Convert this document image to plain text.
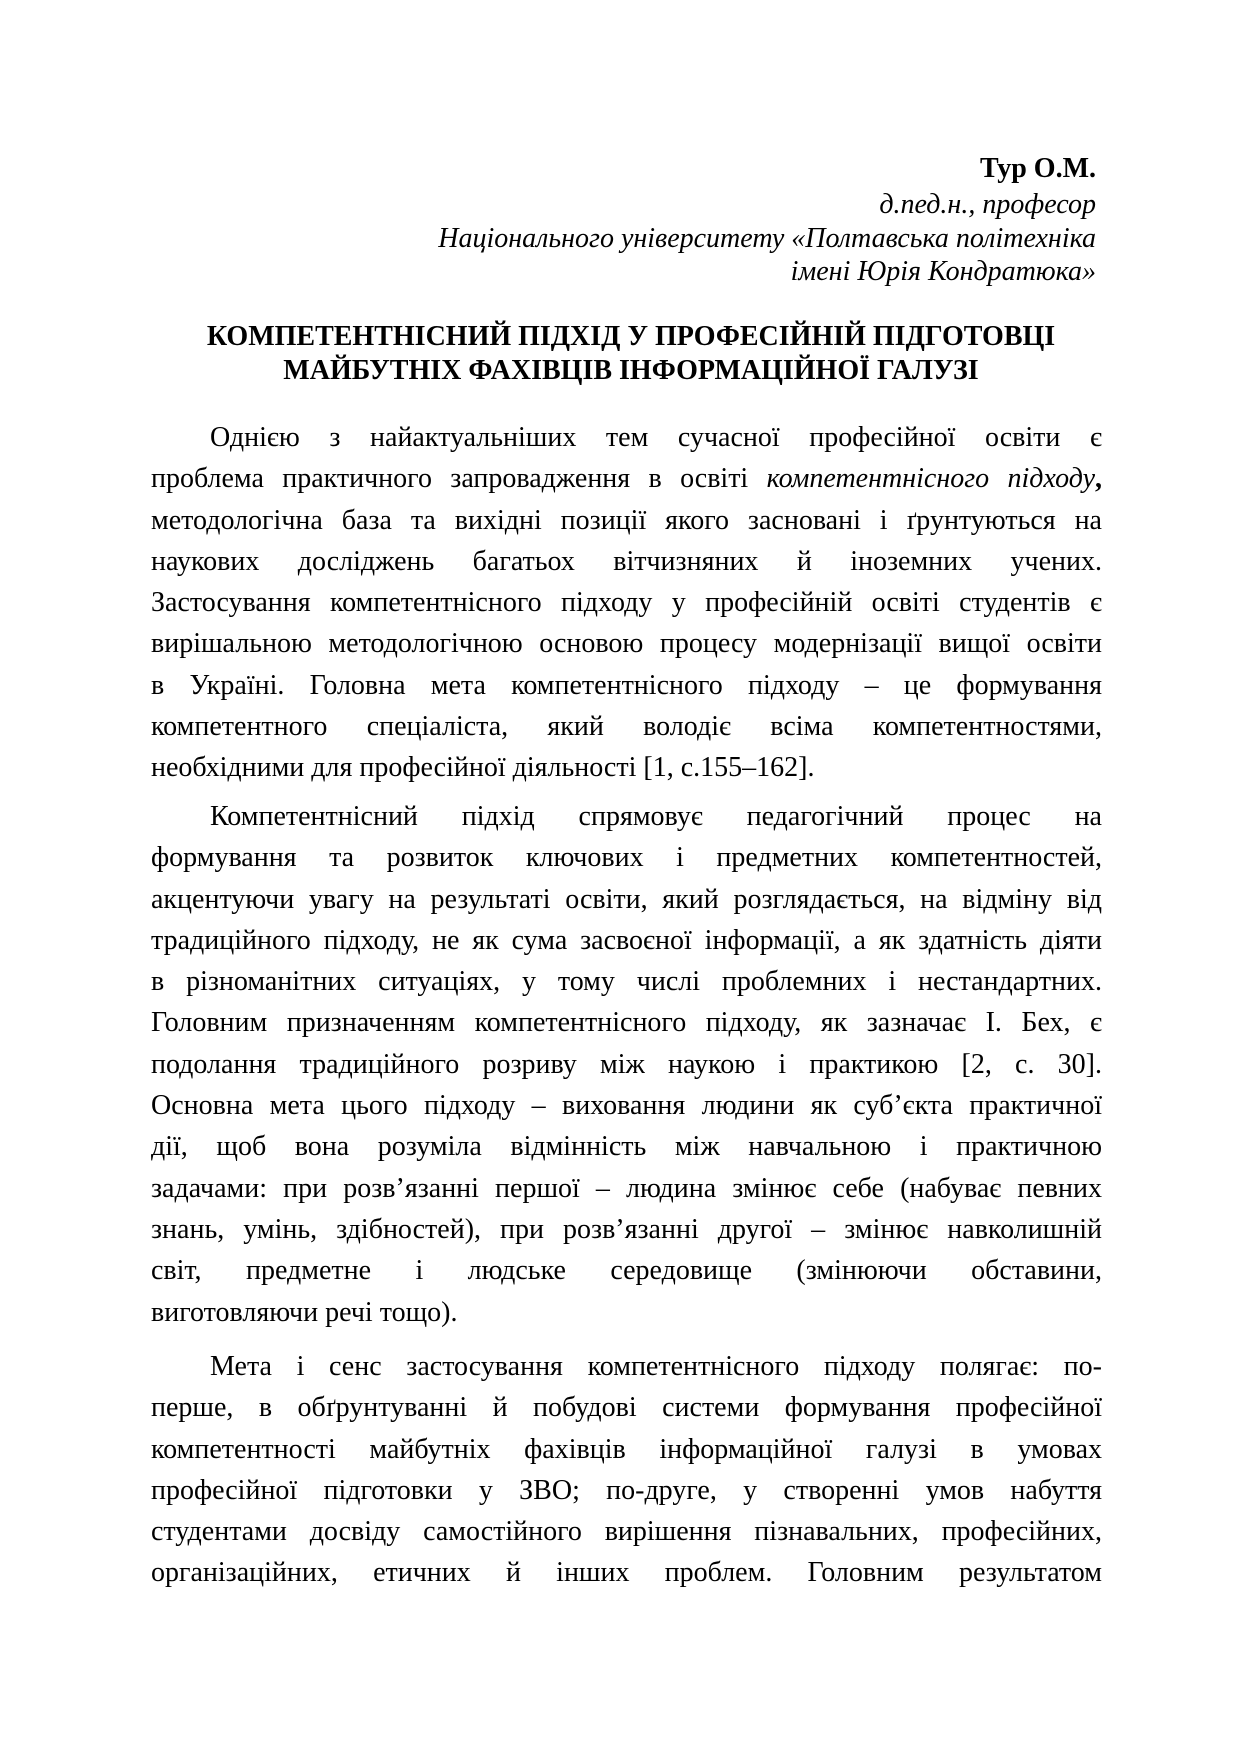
Тур О.М.
д.пед.н., професор
Національного університету «Полтавська політехніка
імені Юрія Кондратюка»
КОМПЕТЕНТНІСНИЙ ПІДХІД У ПРОФЕСІЙНІЙ ПІДГОТОВЦІ
МАЙБУТНІХ ФАХІВЦІВ ІНФОРМАЦІЙНОЇ ГАЛУЗІ
Однією з найактуальніших тем сучасної професійної освіти є
проблема практичного запровадження в освіті компетентнісного підходу,
методологічна база та вихідні позиції якого засновані і ґрунтуються на
наукових досліджень багатьох вітчизняних й іноземних учених.
Застосування компетентнісного підходу у професійній освіті студентів є
вирішальною методологічною основою процесу модернізації вищої освіти
в Україні. Головна мета компетентнісного підходу – це формування
компетентного спеціаліста, який володіє всіма компетентностями,
необхідними для професійної діяльності [1, с.155–162].
Компетентнісний підхід спрямовує педагогічний процес на
формування та розвиток ключових і предметних компетентностей,
акцентуючи увагу на результаті освіти, який розглядається, на відміну від
традиційного підходу, не як сума засвоєної інформації, а як здатність діяти
в різноманітних ситуаціях, у тому числі проблемних і нестандартних.
Головним призначенням компетентнісного підходу, як зазначає І. Бех, є
подолання традиційного розриву між наукою і практикою [2, с. 30].
Основна мета цього підходу – виховання людини як суб’єкта практичної
дії, щоб вона розуміла відмінність між навчальною і практичною
задачами: при розв’язанні першої – людина змінює себе (набуває певних
знань, умінь, здібностей), при розв’язанні другої – змінює навколишній
світ, предметне і людське середовище (змінюючи обставини,
виготовляючи речі тощо).
Мета і сенс застосування компетентнісного підходу полягає: по-
перше, в обґрунтуванні й побудові системи формування професійної
компетентності майбутніх фахівців інформаційної галузі в умовах
професійної підготовки у ЗВО; по-друге, у створенні умов набуття
студентами досвіду самостійного вирішення пізнавальних, професійних,
організаційних, етичних й інших проблем. Головним результатом
